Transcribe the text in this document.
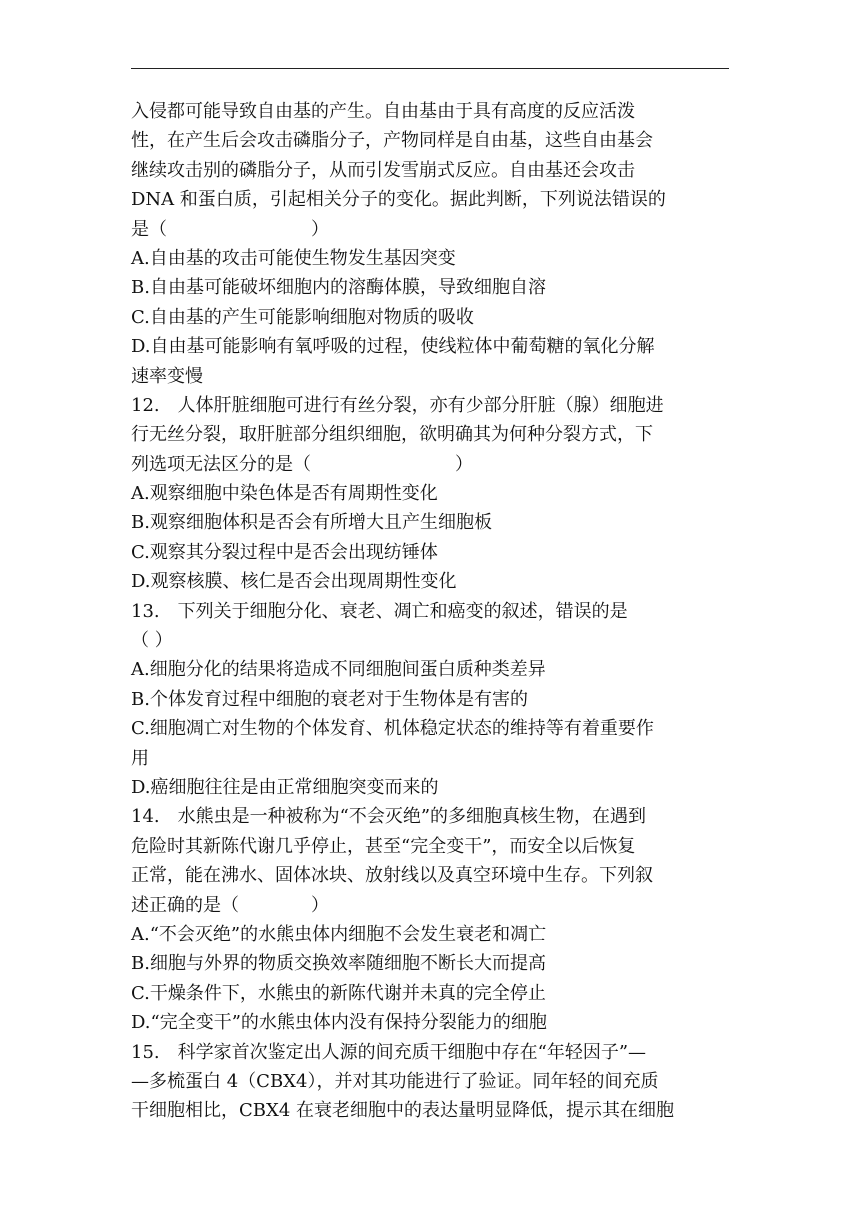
入侵都可能导致自由基的产生。自由基由于具有高度的反应活泼
性，在产生后会攻击磷脂分子，产物同样是自由基，这些自由基会
继续攻击别的磷脂分子，从而引发雪崩式反应。自由基还会攻击
DNA 和蛋白质，引起相关分子的变化。据此判断，下列说法错误的
是（　　　　　　　　）
A.自由基的攻击可能使生物发生基因突变
B.自由基可能破坏细胞内的溶酶体膜，导致细胞自溶
C.自由基的产生可能影响细胞对物质的吸收
D.自由基可能影响有氧呼吸的过程，使线粒体中葡萄糖的氧化分解
速率变慢
12.　人体肝脏细胞可进行有丝分裂，亦有少部分肝脏（腺）细胞进
行无丝分裂，取肝脏部分组织细胞，欲明确其为何种分裂方式，下
列选项无法区分的是（　　　　　　　　）
A.观察细胞中染色体是否有周期性变化
B.观察细胞体积是否会有所增大且产生细胞板
C.观察其分裂过程中是否会出现纺锤体
D.观察核膜、核仁是否会出现周期性变化
13.　下列关于细胞分化、衰老、凋亡和癌变的叙述，错误的是
（ ）
A.细胞分化的结果将造成不同细胞间蛋白质种类差异
B.个体发育过程中细胞的衰老对于生物体是有害的
C.细胞凋亡对生物的个体发育、机体稳定状态的维持等有着重要作
用
D.癌细胞往往是由正常细胞突变而来的
14.　水熊虫是一种被称为“不会灭绝”的多细胞真核生物，在遇到
危险时其新陈代谢几乎停止，甚至“完全变干”，而安全以后恢复
正常，能在沸水、固体冰块、放射线以及真空环境中生存。下列叙
述正确的是（　　　　）
A.“不会灭绝”的水熊虫体内细胞不会发生衰老和凋亡
B.细胞与外界的物质交换效率随细胞不断长大而提高
C.干燥条件下，水熊虫的新陈代谢并未真的完全停止
D.“完全变干”的水熊虫体内没有保持分裂能力的细胞
15.　科学家首次鉴定出人源的间充质干细胞中存在“年轻因子”—
—多梳蛋白 4（CBX4），并对其功能进行了验证。同年轻的间充质
干细胞相比，CBX4 在衰老细胞中的表达量明显降低，提示其在细胞
